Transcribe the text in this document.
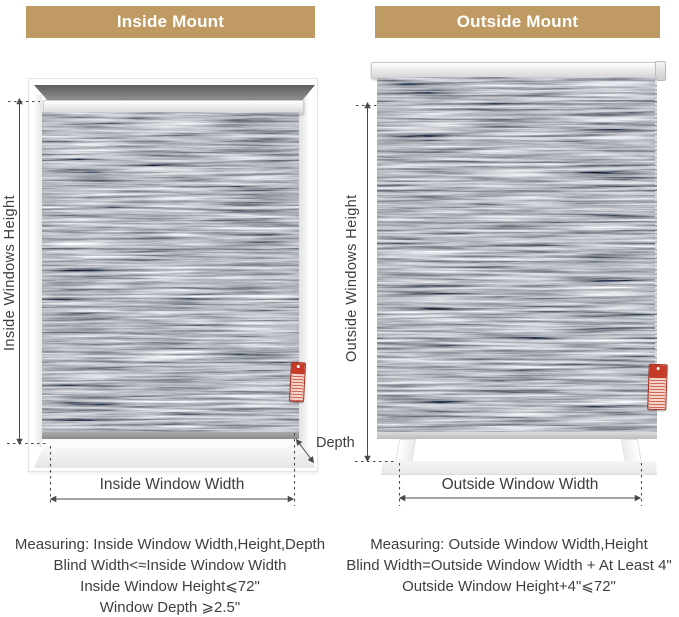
Inside Mount	Outside Mount
Inside Windows Height	Outside Windows Height
Inside Window Width	Outside Window Width
Depth
Measuring: Inside Window Width,Height,Depth
Blind Width<≈Inside Window Width
Inside Window Height⩽72"
Window Depth ⩾2.5"
Measuring: Outside Window Width,Height
Blind Width=Outside Window Width + At Least 4"
Outside Window Height+4"⩽72"
